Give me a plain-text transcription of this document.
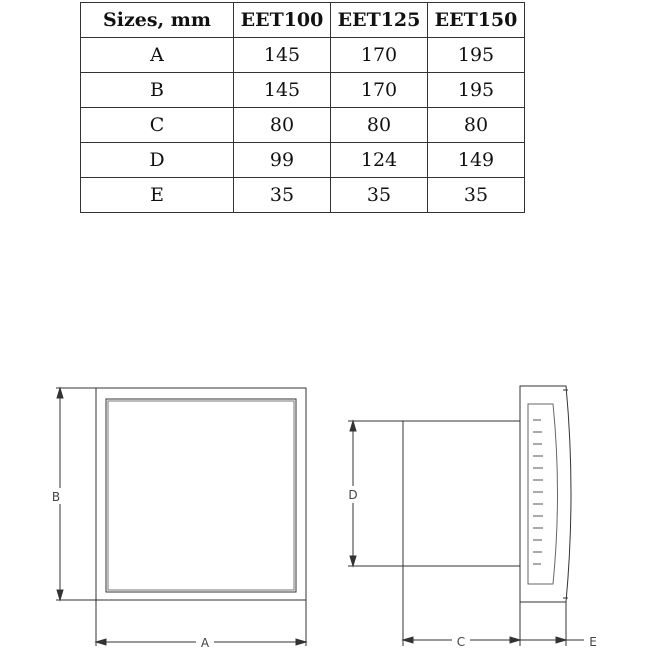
Sizes, mm	EET100	EET125	EET150
A	145	170	195
B	145	170	195
C	80	80	80
D	99	124	149
E	35	35	35
B
A
D
C	E
